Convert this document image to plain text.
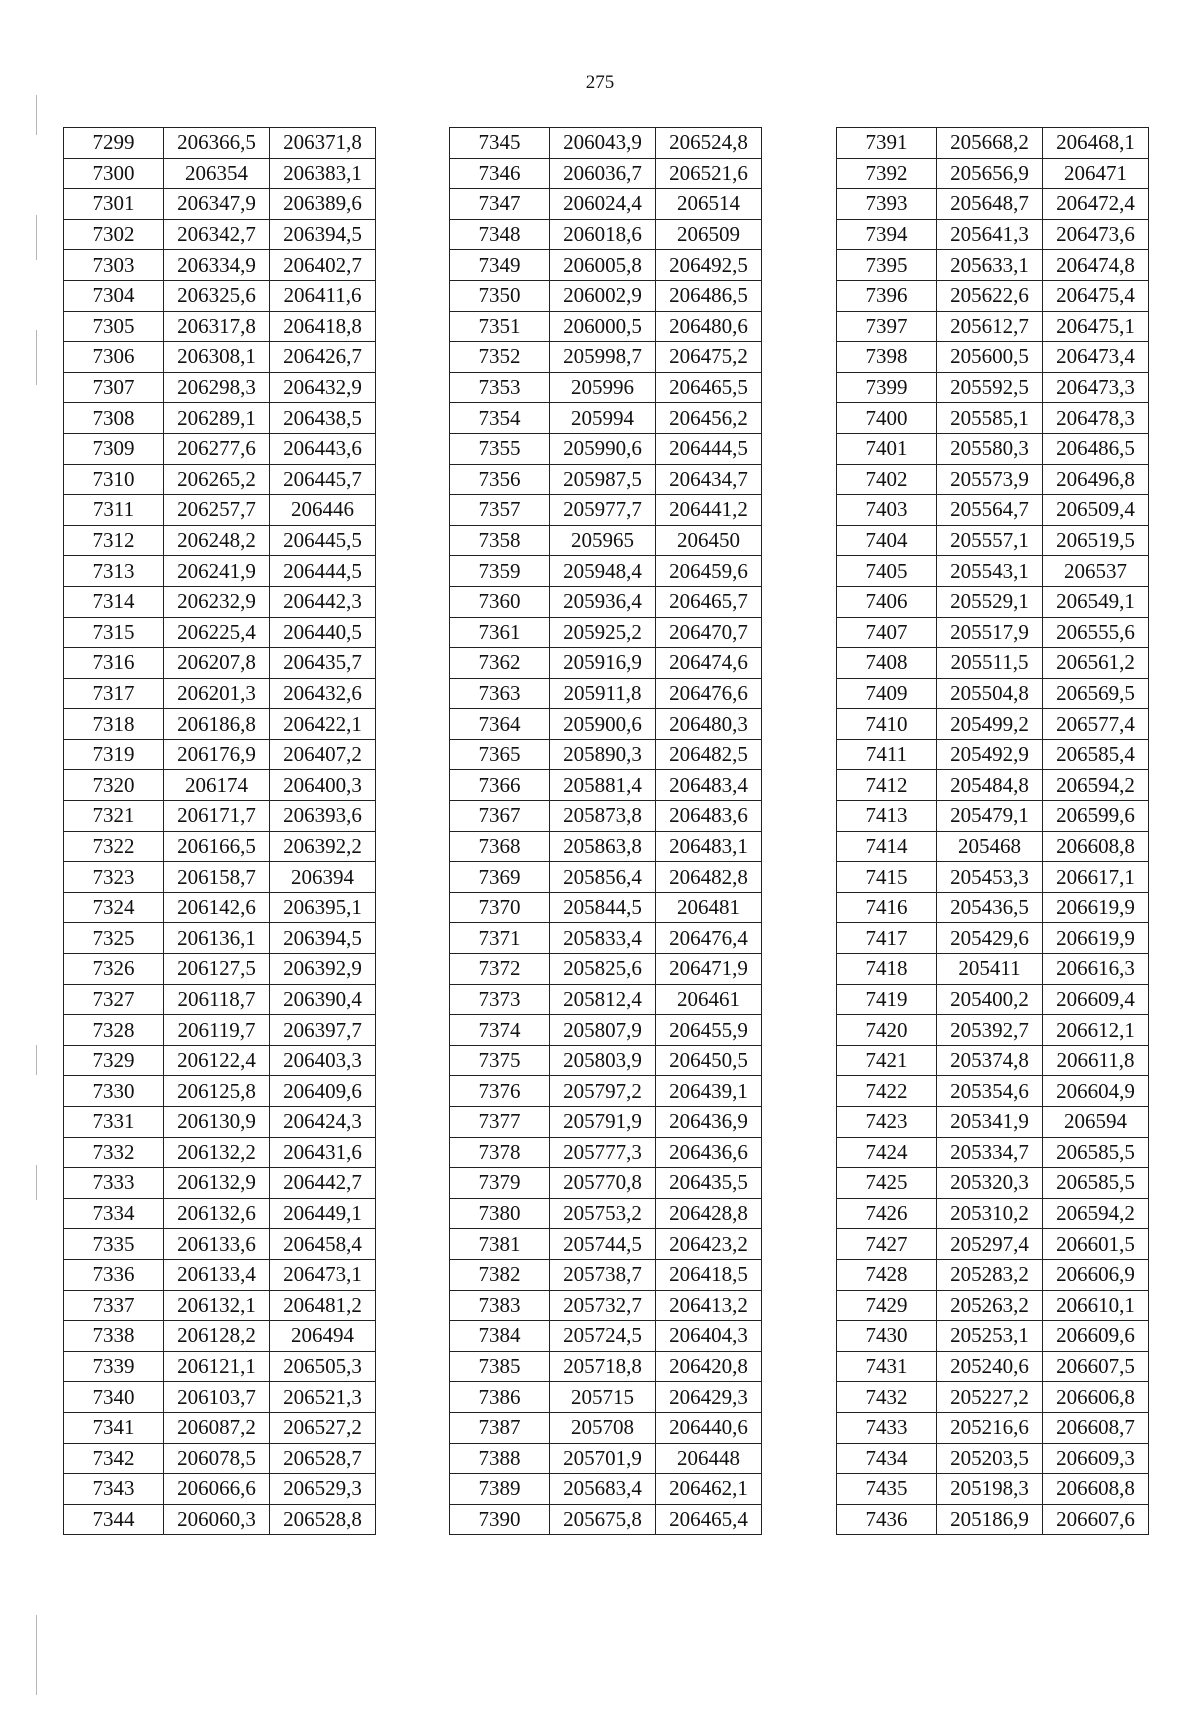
275
7299	206366,5	206371,8
7300	206354	206383,1
7301	206347,9	206389,6
7302	206342,7	206394,5
7303	206334,9	206402,7
7304	206325,6	206411,6
7305	206317,8	206418,8
7306	206308,1	206426,7
7307	206298,3	206432,9
7308	206289,1	206438,5
7309	206277,6	206443,6
7310	206265,2	206445,7
7311	206257,7	206446
7312	206248,2	206445,5
7313	206241,9	206444,5
7314	206232,9	206442,3
7315	206225,4	206440,5
7316	206207,8	206435,7
7317	206201,3	206432,6
7318	206186,8	206422,1
7319	206176,9	206407,2
7320	206174	206400,3
7321	206171,7	206393,6
7322	206166,5	206392,2
7323	206158,7	206394
7324	206142,6	206395,1
7325	206136,1	206394,5
7326	206127,5	206392,9
7327	206118,7	206390,4
7328	206119,7	206397,7
7329	206122,4	206403,3
7330	206125,8	206409,6
7331	206130,9	206424,3
7332	206132,2	206431,6
7333	206132,9	206442,7
7334	206132,6	206449,1
7335	206133,6	206458,4
7336	206133,4	206473,1
7337	206132,1	206481,2
7338	206128,2	206494
7339	206121,1	206505,3
7340	206103,7	206521,3
7341	206087,2	206527,2
7342	206078,5	206528,7
7343	206066,6	206529,3
7344	206060,3	206528,8
7345	206043,9	206524,8
7346	206036,7	206521,6
7347	206024,4	206514
7348	206018,6	206509
7349	206005,8	206492,5
7350	206002,9	206486,5
7351	206000,5	206480,6
7352	205998,7	206475,2
7353	205996	206465,5
7354	205994	206456,2
7355	205990,6	206444,5
7356	205987,5	206434,7
7357	205977,7	206441,2
7358	205965	206450
7359	205948,4	206459,6
7360	205936,4	206465,7
7361	205925,2	206470,7
7362	205916,9	206474,6
7363	205911,8	206476,6
7364	205900,6	206480,3
7365	205890,3	206482,5
7366	205881,4	206483,4
7367	205873,8	206483,6
7368	205863,8	206483,1
7369	205856,4	206482,8
7370	205844,5	206481
7371	205833,4	206476,4
7372	205825,6	206471,9
7373	205812,4	206461
7374	205807,9	206455,9
7375	205803,9	206450,5
7376	205797,2	206439,1
7377	205791,9	206436,9
7378	205777,3	206436,6
7379	205770,8	206435,5
7380	205753,2	206428,8
7381	205744,5	206423,2
7382	205738,7	206418,5
7383	205732,7	206413,2
7384	205724,5	206404,3
7385	205718,8	206420,8
7386	205715	206429,3
7387	205708	206440,6
7388	205701,9	206448
7389	205683,4	206462,1
7390	205675,8	206465,4
7391	205668,2	206468,1
7392	205656,9	206471
7393	205648,7	206472,4
7394	205641,3	206473,6
7395	205633,1	206474,8
7396	205622,6	206475,4
7397	205612,7	206475,1
7398	205600,5	206473,4
7399	205592,5	206473,3
7400	205585,1	206478,3
7401	205580,3	206486,5
7402	205573,9	206496,8
7403	205564,7	206509,4
7404	205557,1	206519,5
7405	205543,1	206537
7406	205529,1	206549,1
7407	205517,9	206555,6
7408	205511,5	206561,2
7409	205504,8	206569,5
7410	205499,2	206577,4
7411	205492,9	206585,4
7412	205484,8	206594,2
7413	205479,1	206599,6
7414	205468	206608,8
7415	205453,3	206617,1
7416	205436,5	206619,9
7417	205429,6	206619,9
7418	205411	206616,3
7419	205400,2	206609,4
7420	205392,7	206612,1
7421	205374,8	206611,8
7422	205354,6	206604,9
7423	205341,9	206594
7424	205334,7	206585,5
7425	205320,3	206585,5
7426	205310,2	206594,2
7427	205297,4	206601,5
7428	205283,2	206606,9
7429	205263,2	206610,1
7430	205253,1	206609,6
7431	205240,6	206607,5
7432	205227,2	206606,8
7433	205216,6	206608,7
7434	205203,5	206609,3
7435	205198,3	206608,8
7436	205186,9	206607,6
